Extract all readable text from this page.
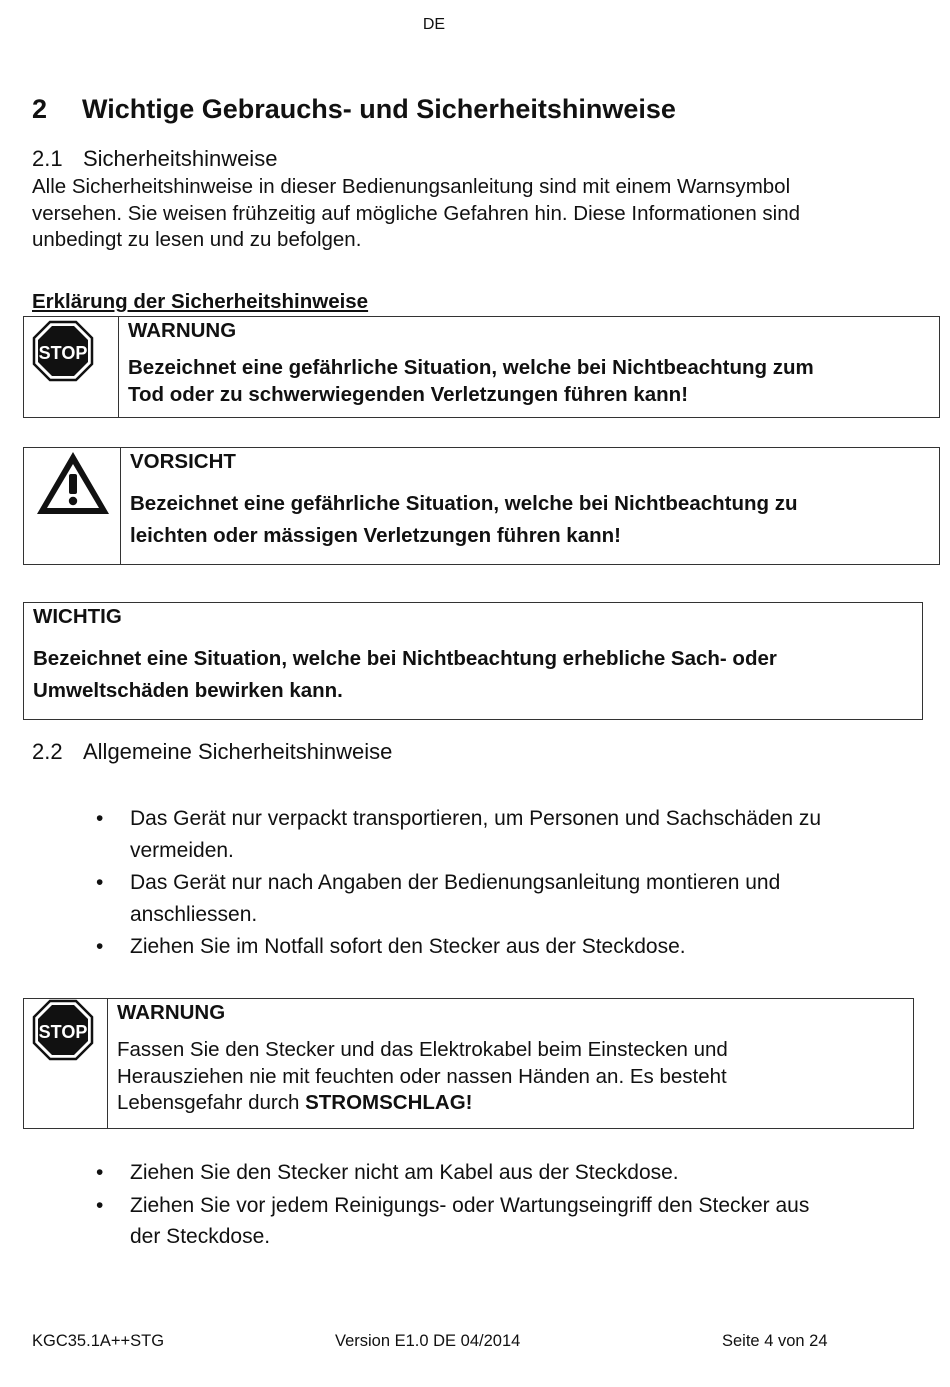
DE
2 Wichtige Gebrauchs- und Sicherheitshinweise
2.1 Sicherheitshinweise
Alle Sicherheitshinweise in dieser Bedienungsanleitung sind mit einem Warnsymbol
versehen. Sie weisen frühzeitig auf mögliche Gefahren hin. Diese Informationen sind
unbedingt zu lesen und zu befolgen.
Erklärung der Sicherheitshinweise
STOP
WARNUNG
Bezeichnet eine gefährliche Situation, welche bei Nichtbeachtung zum
Tod oder zu schwerwiegenden Verletzungen führen kann!
VORSICHT
Bezeichnet eine gefährliche Situation, welche bei Nichtbeachtung zu
leichten oder mässigen Verletzungen führen kann!
WICHTIG
Bezeichnet eine Situation, welche bei Nichtbeachtung erhebliche Sach- oder
Umweltschäden bewirken kann.
2.2 Allgemeine Sicherheitshinweise
• Das Gerät nur verpackt transportieren, um Personen und Sachschäden zu
vermeiden.
• Das Gerät nur nach Angaben der Bedienungsanleitung montieren und
anschliessen.
• Ziehen Sie im Notfall sofort den Stecker aus der Steckdose.
STOP
WARNUNG
Fassen Sie den Stecker und das Elektrokabel beim Einstecken und
Herausziehen nie mit feuchten oder nassen Händen an. Es besteht
Lebensgefahr durch STROMSCHLAG!
• Ziehen Sie den Stecker nicht am Kabel aus der Steckdose.
• Ziehen Sie vor jedem Reinigungs- oder Wartungseingriff den Stecker aus
der Steckdose.
KGC35.1A++STG	Version E1.0 DE 04/2014	Seite 4 von 24
